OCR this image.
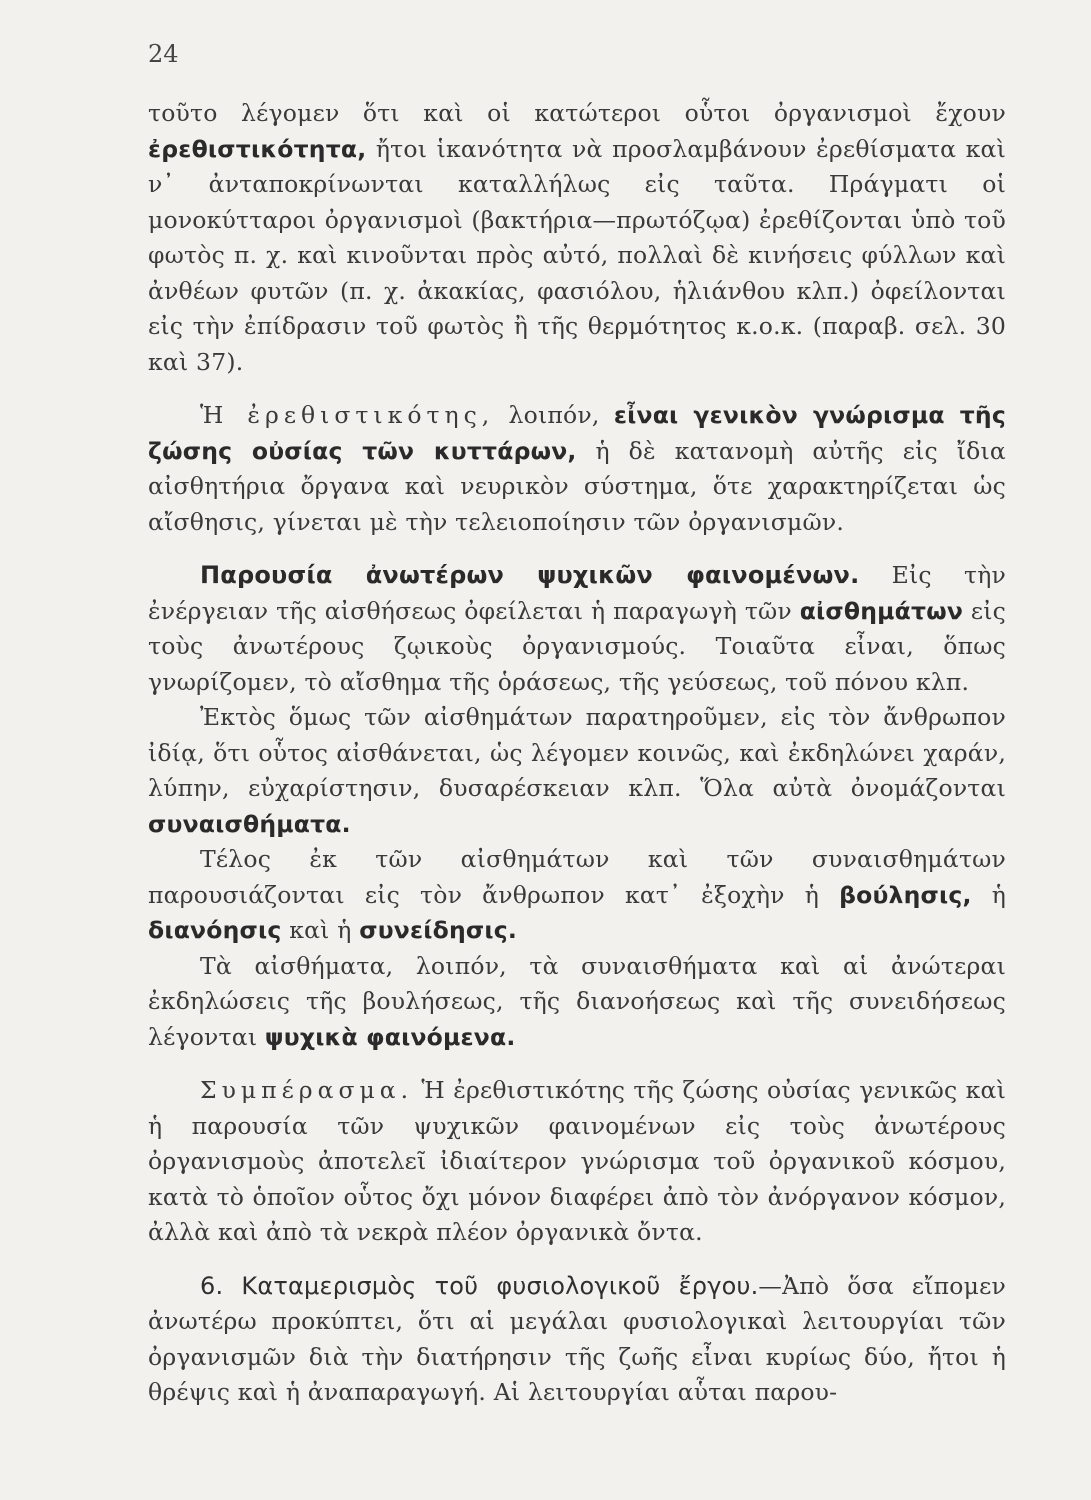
24

τοῦτο λέγομεν ὅτι καὶ οἱ κατώτεροι οὗτοι ὀργανισμοὶ ἔχουν ἐρεθιστικότητα, ἤτοι ἱκανότητα νὰ προσλαμβάνουν ἐρεθίσματα καὶ ν᾽ ἀνταποκρίνωνται καταλλήλως εἰς ταῦτα. Πράγματι οἱ μονοκύτταροι ὀργανισμοὶ (βακτήρια—πρωτόζῳα) ἐρεθίζονται ὑπὸ τοῦ φωτὸς π. χ. καὶ κινοῦνται πρὸς αὐτό, πολλαὶ δὲ κινήσεις φύλλων καὶ ἀνθέων φυτῶν (π. χ. ἀκακίας, φασιόλου, ἡλιάνθου κλπ.) ὀφείλονται εἰς τὴν ἐπίδρασιν τοῦ φωτὸς ἢ τῆς θερμότητος κ.ο.κ. (παραβ. σελ. 30 καὶ 37).

Ἡ ἐρεθιστικότης, λοιπόν, εἶναι γενικὸν γνώρισμα τῆς ζώσης οὐσίας τῶν κυττάρων, ἡ δὲ κατανομὴ αὐτῆς εἰς ἴδια αἰσθητήρια ὄργανα καὶ νευρικὸν σύστημα, ὅτε χαρακτηρίζεται ὡς αἴσθησις, γίνεται μὲ τὴν τελειοποίησιν τῶν ὀργανισμῶν.

Παρουσία ἀνωτέρων ψυχικῶν φαινομένων. Εἰς τὴν ἐνέργειαν τῆς αἰσθήσεως ὀφείλεται ἡ παραγωγὴ τῶν αἰσθημάτων εἰς τοὺς ἀνωτέρους ζῳικοὺς ὀργανισμούς. Τοιαῦτα εἶναι, ὅπως γνωρίζομεν, τὸ αἴσθημα τῆς ὁράσεως, τῆς γεύσεως, τοῦ πόνου κλπ.

Ἐκτὸς ὅμως τῶν αἰσθημάτων παρατηροῦμεν, εἰς τὸν ἄνθρωπον ἰδίᾳ, ὅτι οὗτος αἰσθάνεται, ὡς λέγομεν κοινῶς, καὶ ἐκδηλώνει χαράν, λύπην, εὐχαρίστησιν, δυσαρέσκειαν κλπ. Ὅλα αὐτὰ ὀνομάζονται συναισθήματα.

Τέλος ἐκ τῶν αἰσθημάτων καὶ τῶν συναισθημάτων παρουσιάζονται εἰς τὸν ἄνθρωπον κατ᾽ ἐξοχὴν ἡ βούλησις, ἡ διανόησις καὶ ἡ συνείδησις.

Τὰ αἰσθήματα, λοιπόν, τὰ συναισθήματα καὶ αἱ ἀνώτεραι ἐκδηλώσεις τῆς βουλήσεως, τῆς διανοήσεως καὶ τῆς συνειδήσεως λέγονται ψυχικὰ φαινόμενα.

Συμπέρασμα. Ἡ ἐρεθιστικότης τῆς ζώσης οὐσίας γενικῶς καὶ ἡ παρουσία τῶν ψυχικῶν φαινομένων εἰς τοὺς ἀνωτέρους ὀργανισμοὺς ἀποτελεῖ ἰδιαίτερον γνώρισμα τοῦ ὀργανικοῦ κόσμου, κατὰ τὸ ὁποῖον οὗτος ὄχι μόνον διαφέρει ἀπὸ τὸν ἀνόργανον κόσμον, ἀλλὰ καὶ ἀπὸ τὰ νεκρὰ πλέον ὀργανικὰ ὄντα.

6. Καταμερισμὸς τοῦ φυσιολογικοῦ ἔργου.—Ἀπὸ ὅσα εἴπομεν ἀνωτέρω προκύπτει, ὅτι αἱ μεγάλαι φυσιολογικαὶ λειτουργίαι τῶν ὀργανισμῶν διὰ τὴν διατήρησιν τῆς ζωῆς εἶναι κυρίως δύο, ἤτοι ἡ θρέψις καὶ ἡ ἀναπαραγωγή. Αἱ λειτουργίαι αὗται παρου-
